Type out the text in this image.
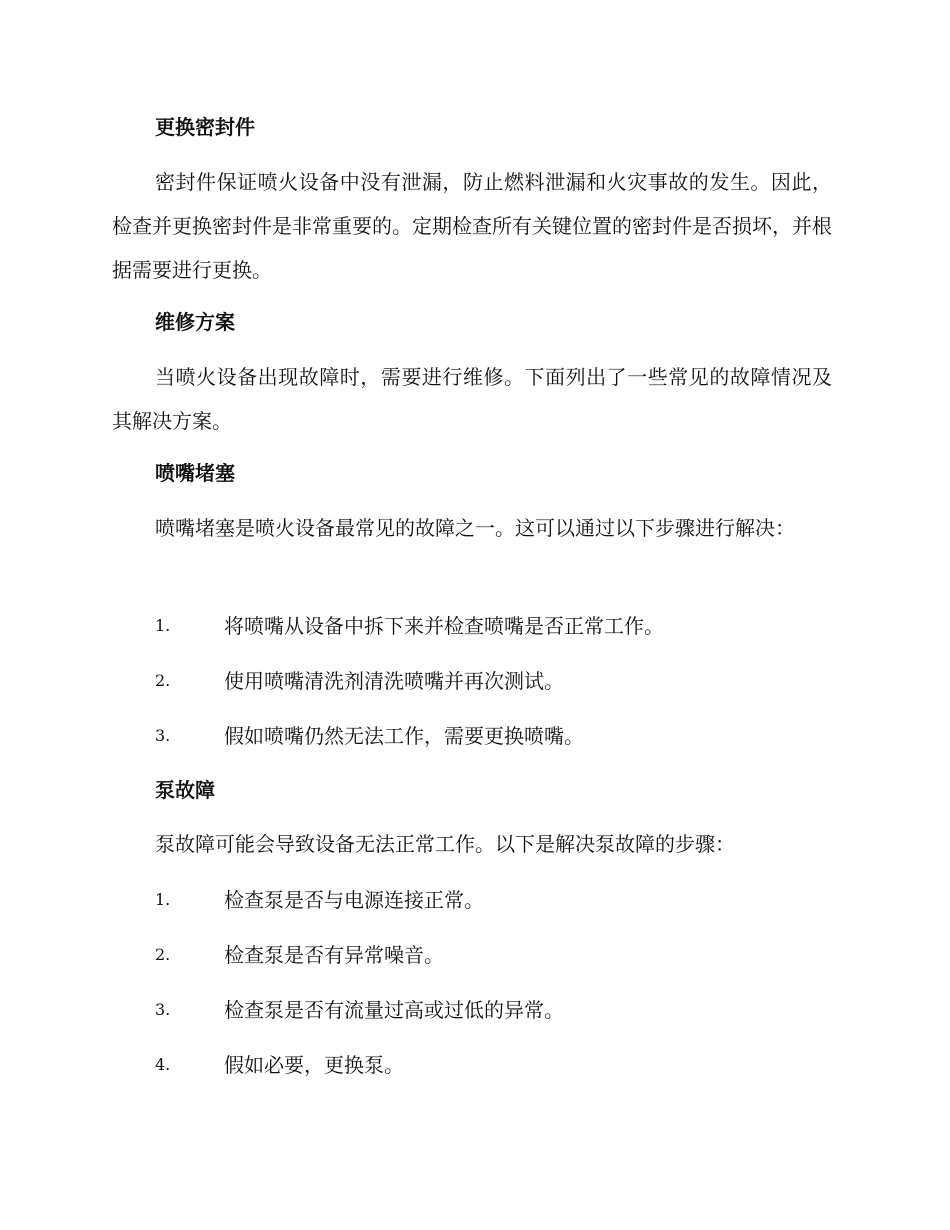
更换密封件
密封件保证喷火设备中没有泄漏，防止燃料泄漏和火灾事故的发生。因此，检查并更换密封件是非常重要的。定期检查所有关键位置的密封件是否损坏，并根据需要进行更换。
维修方案
当喷火设备出现故障时，需要进行维修。下面列出了一些常见的故障情况及其解决方案。
喷嘴堵塞
喷嘴堵塞是喷火设备最常见的故障之一。这可以通过以下步骤进行解决：
1.	将喷嘴从设备中拆下来并检查喷嘴是否正常工作。
2.	使用喷嘴清洗剂清洗喷嘴并再次测试。
3.	假如喷嘴仍然无法工作，需要更换喷嘴。
泵故障
泵故障可能会导致设备无法正常工作。以下是解决泵故障的步骤：
1.	检查泵是否与电源连接正常。
2.	检查泵是否有异常噪音。
3.	检查泵是否有流量过高或过低的异常。
4.	假如必要，更换泵。
